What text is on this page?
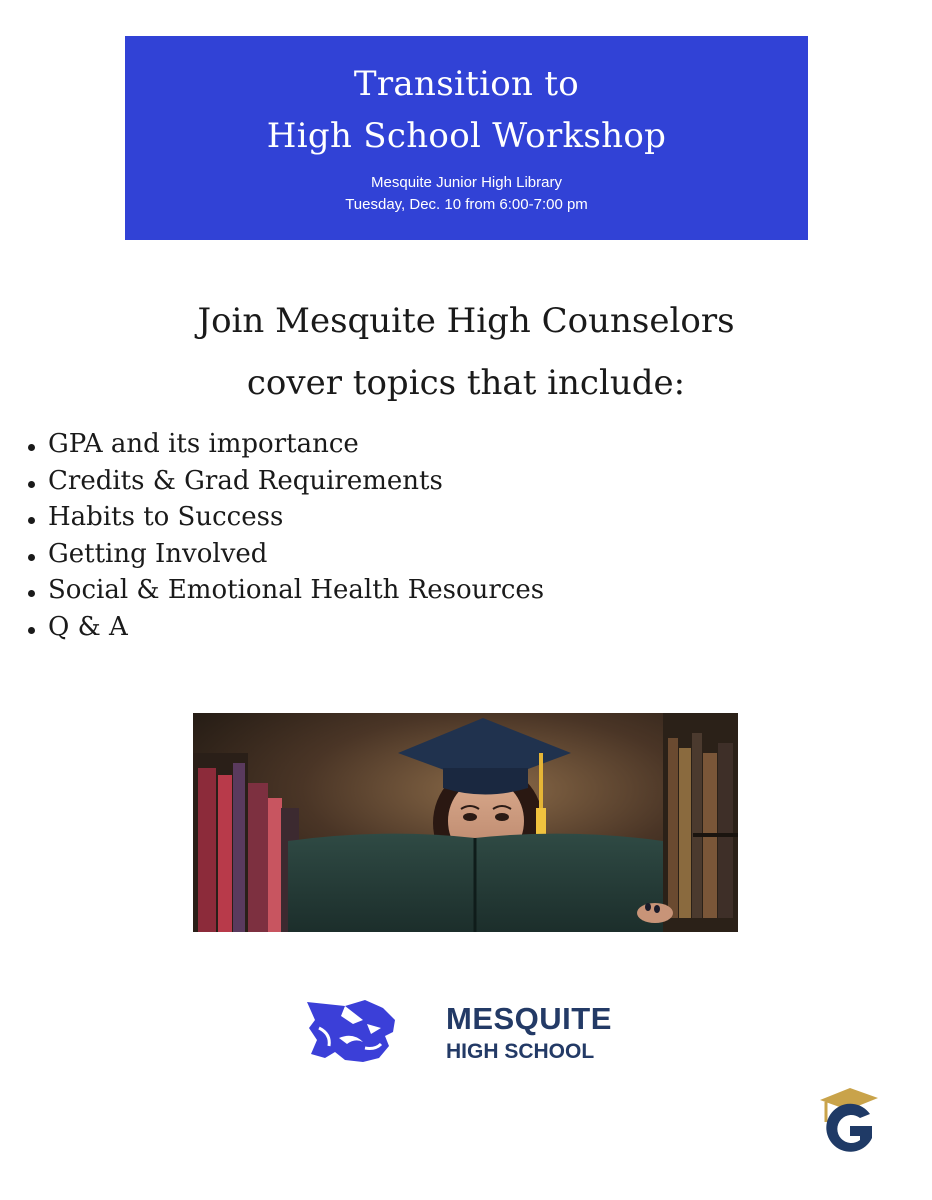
Transition to
High School Workshop
Mesquite Junior High Library
Tuesday, Dec. 10 from 6:00-7:00 pm
Join Mesquite High Counselors
cover topics that include:
GPA and its importance
Credits & Grad Requirements
Habits to Success
Getting Involved
Social & Emotional Health Resources
Q & A
MESQUITE
HIGH SCHOOL
